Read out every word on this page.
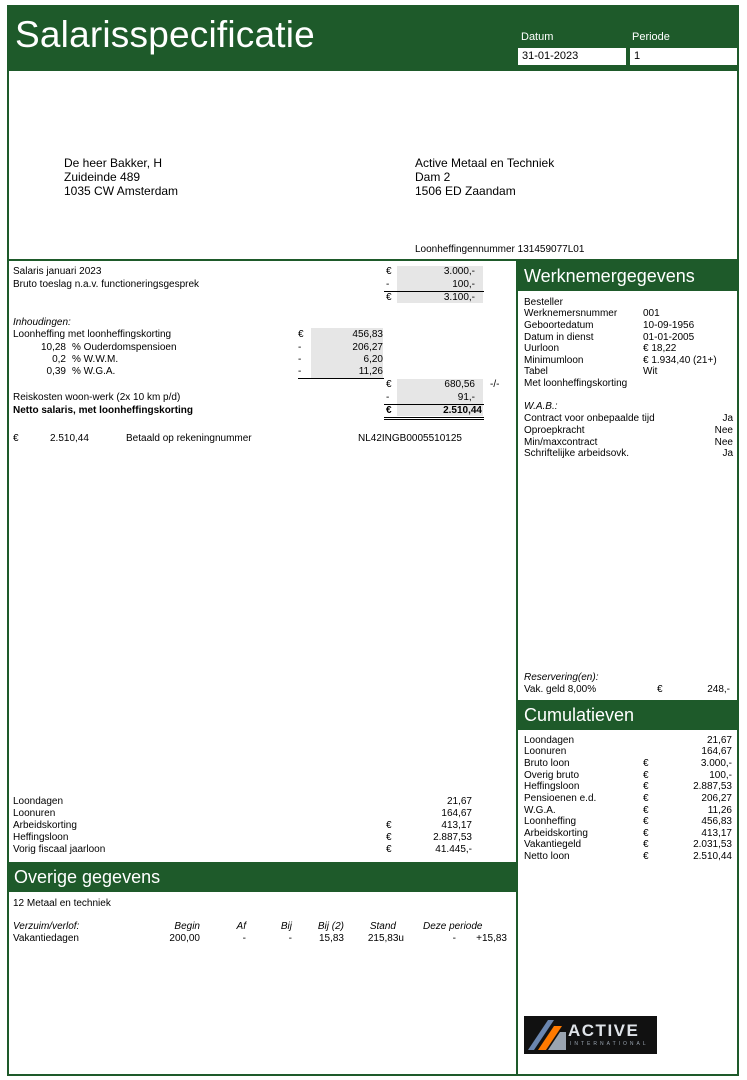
Salarisspecificatie	Datum	Periode
31-01-2023	1
De heer Bakker, H
Zuideinde 489
1035 CW Amsterdam
Active Metaal en Techniek
Dam 2
1506 ED Zaandam
Loonheffingennummer 131459077L01
Overige gegevens
Werknemergegevens
Cumulatieven
Salaris januari 2023	€	3.000,-
Bruto toeslag n.a.v. functioneringsgesprek	-	100,-
€	3.100,-
Inhoudingen:
Loonheffing met loonheffingskorting	€	456,83
10,28 % Ouderdomspensioen	-	206,27
0,2 % W.W.M.	-	6,20
0,39 % W.G.A.	-	11,26
€	680,56 -/-
Reiskosten woon-werk (2x 10 km p/d)	-	91,-
Netto salaris, met loonheffingskorting	€	2.510,44
€	2.510,44	Betaald op rekeningnummer	NL42INGB0005510125
Loondagen	21,67
Loonuren	164,67
Arbeidskorting	€	413,17
Heffingsloon	€	2.887,53
Vorig fiscaal jaarloon	€	41.445,-
12 Metaal en techniek
Verzuim/verlof:	Begin	Af	Bij	Bij (2)	Stand	Deze periode
Vakantiedagen	200,00	-	-	15,83	215,83u	-	+15,83
Besteller
Werknemersnummer	001
Geboortedatum	10-09-1956
Datum in dienst	01-01-2005
Uurloon	€ 18,22
Minimumloon	€ 1.934,40 (21+)
Tabel	Wit
Met loonheffingskorting
W.A.B.:
Contract voor onbepaalde tijd	Ja
Oproepkracht	Nee
Min/maxcontract	Nee
Schriftelijke arbeidsovk.	Ja
Reservering(en):
Vak. geld 8,00%	€	248,-
Loondagen	21,67
Loonuren	164,67
Bruto loon	€	3.000,-
Overig bruto	€	100,-
Heffingsloon	€	2.887,53
Pensioenen e.d.	€	206,27
W.G.A.	€	11,26
Loonheffing	€	456,83
Arbeidskorting	€	413,17
Vakantiegeld	€	2.031,53
Netto loon	€	2.510,44
ACTIVE
INTERNATIONAL
